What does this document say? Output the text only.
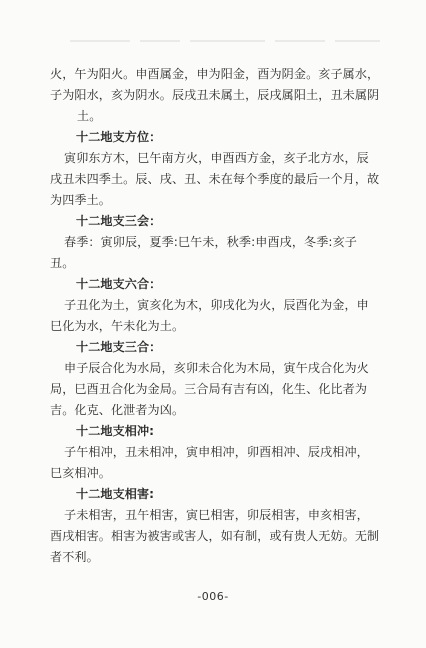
火，午为阳火。申酉属金，申为阳金，酉为阴金。亥子属水，
子为阳水，亥为阴水。辰戌丑未属土，辰戌属阳土，丑未属阴
土。
十二地支方位：
寅卯东方木，巳午南方火，申酉西方金，亥子北方水，辰
戌丑未四季土。辰、戌、丑、未在每个季度的最后一个月，故
为四季土。
十二地支三会：
春季：寅卯辰，夏季:巳午未，秋季:申酉戌，冬季:亥子
丑。
十二地支六合：
子丑化为土，寅亥化为木，卯戌化为火，辰酉化为金，申
巳化为水，午未化为土。
十二地支三合：
申子辰合化为水局，亥卯未合化为木局，寅午戌合化为火
局，巳酉丑合化为金局。三合局有吉有凶，化生、化比者为
吉。化克、化泄者为凶。
十二地支相冲:
子午相冲，丑未相冲，寅申相冲，卯酉相冲、辰戌相冲，
巳亥相冲。
十二地支相害:
子未相害，丑午相害，寅巳相害，卯辰相害，申亥相害，
酉戌相害。相害为被害或害人，如有制，或有贵人无妨。无制
者不利。
-006-
